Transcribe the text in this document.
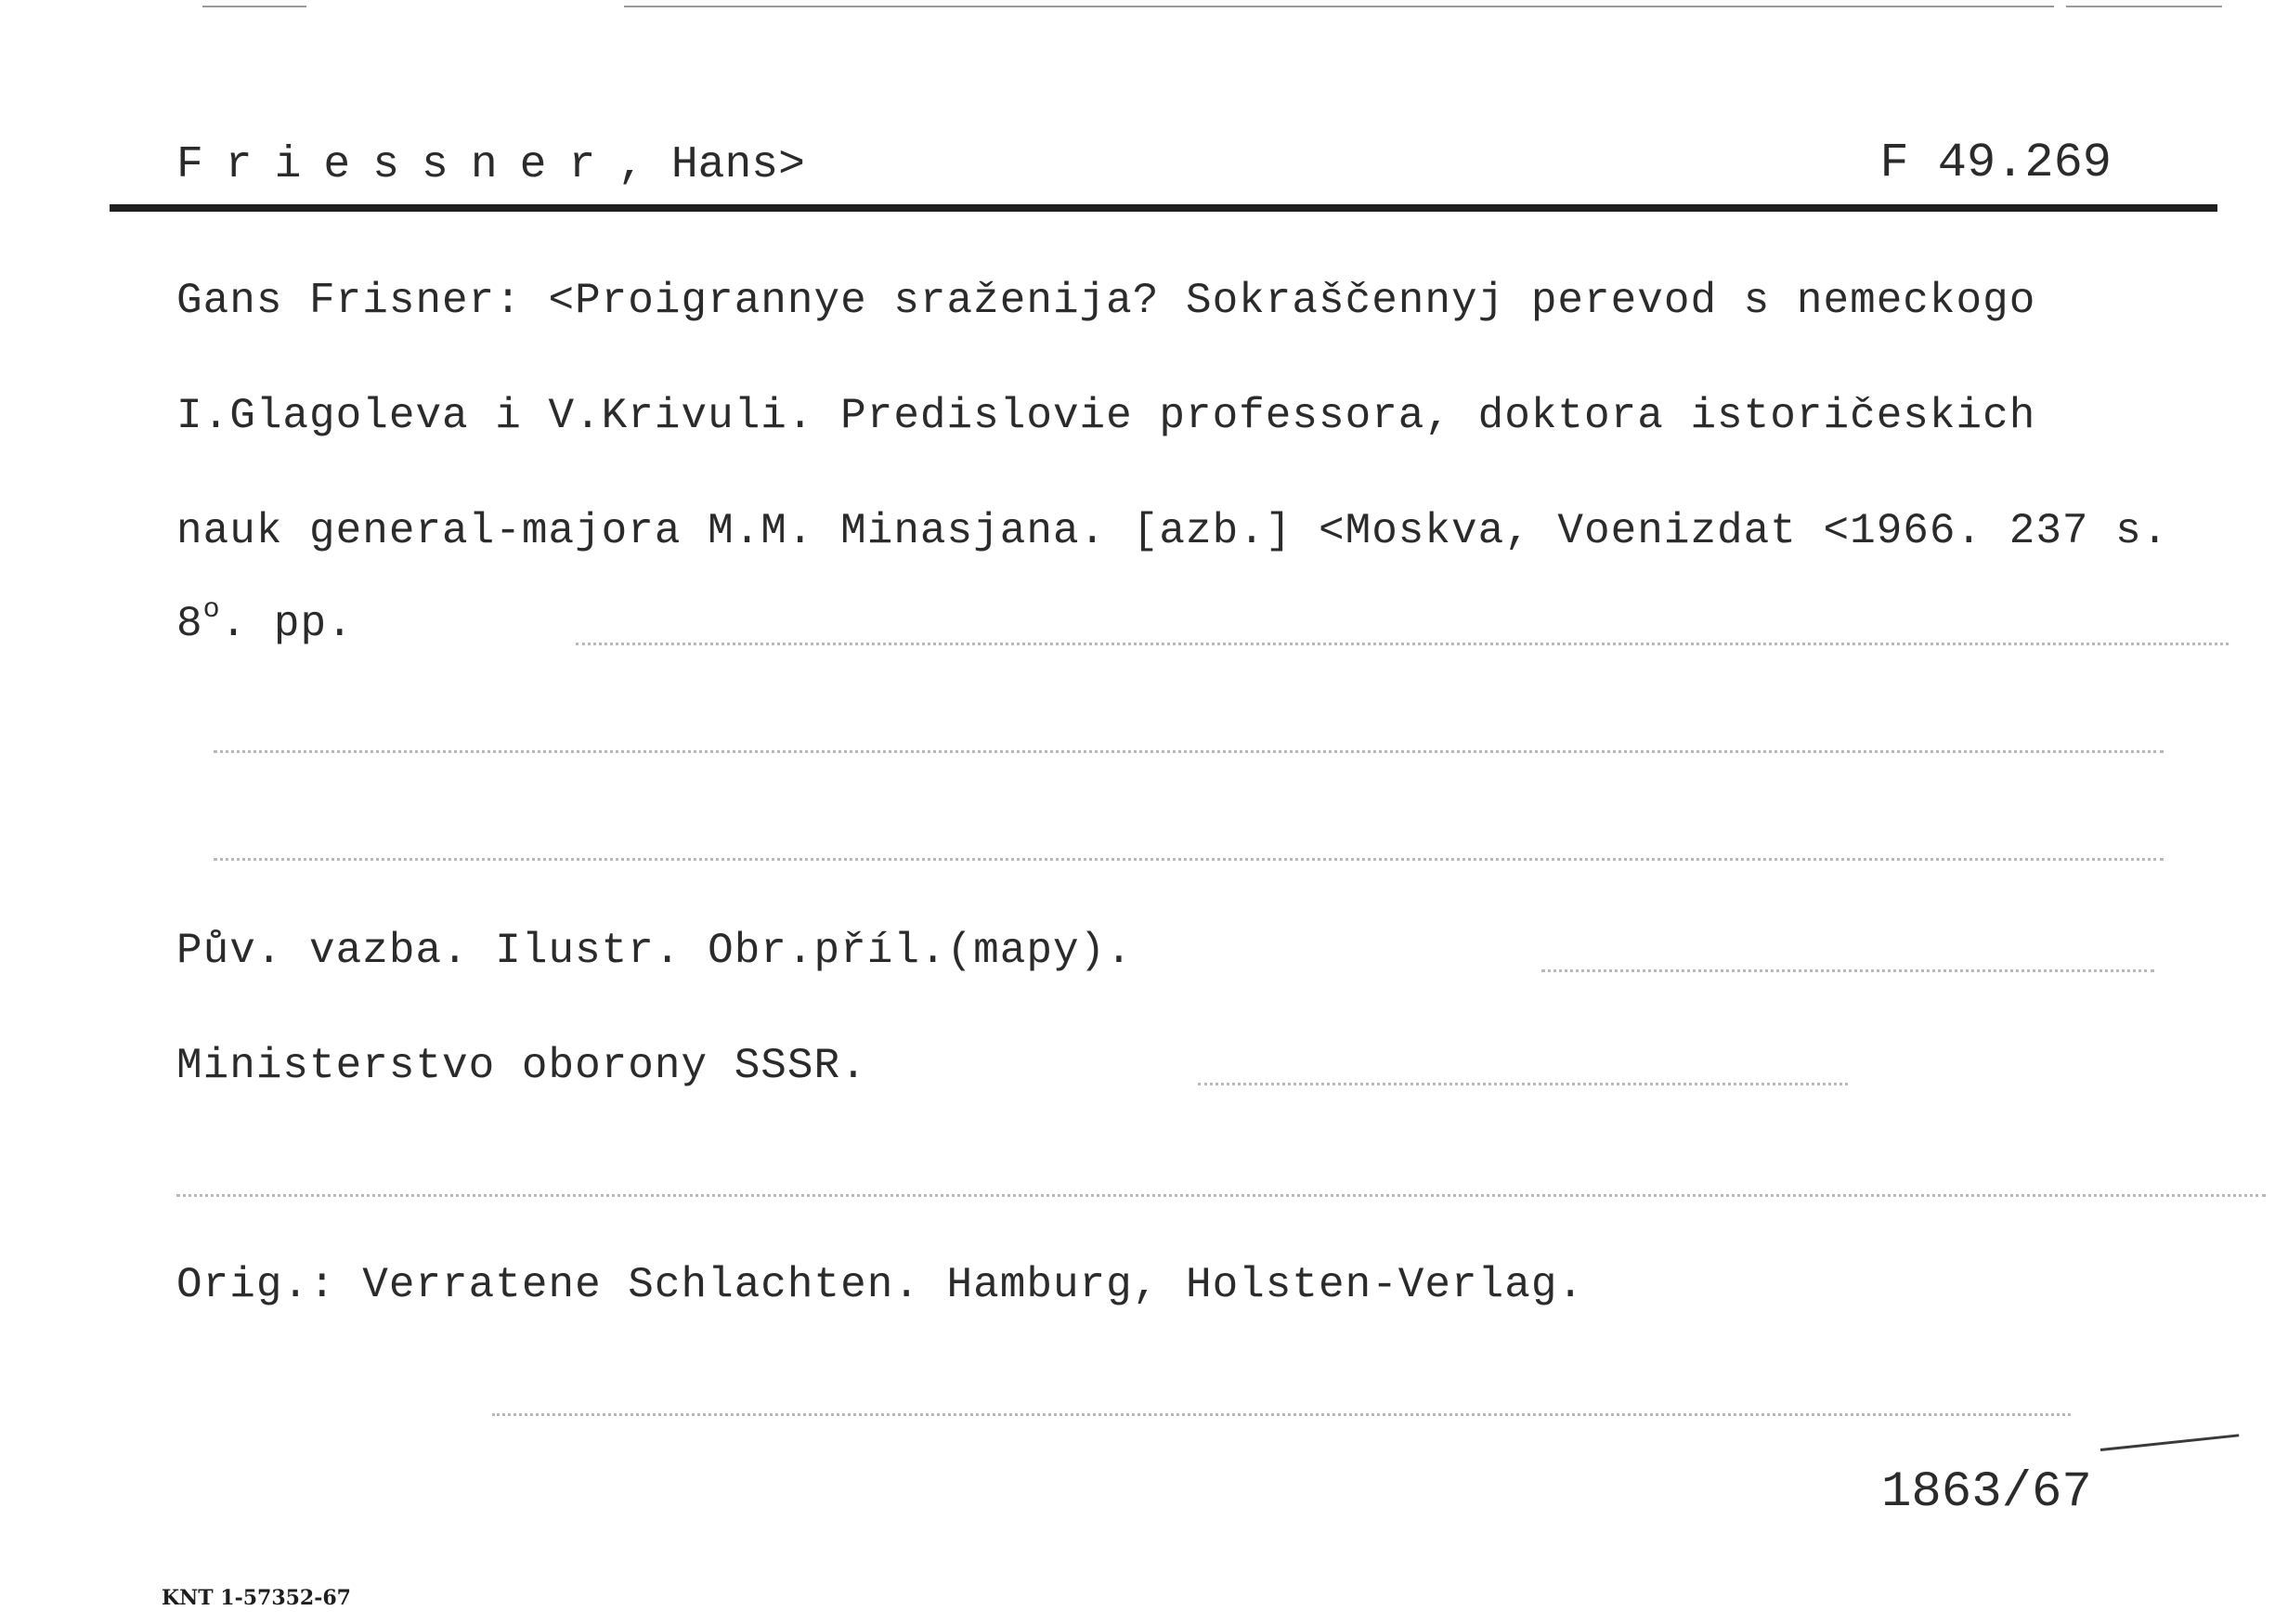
Friessner, Hans>	F 49.269
Gans Frisner: <Proigrannye sraženija? Sokraščennyj perevod s nemeckogo
I.Glagoleva i V.Krivuli. Predislovie professora, doktora istoričeskich
nauk general-majora M.M. Minasjana. [azb.] <Moskva, Voenizdat <1966. 237 s.
8$^o$. pp.
Pův. vazba. Ilustr. Obr.příl.(mapy).
Ministerstvo oborony SSSR.
Orig.: Verratene Schlachten. Hamburg, Holsten-Verlag.
1863/67
KNT 1-57352-67
